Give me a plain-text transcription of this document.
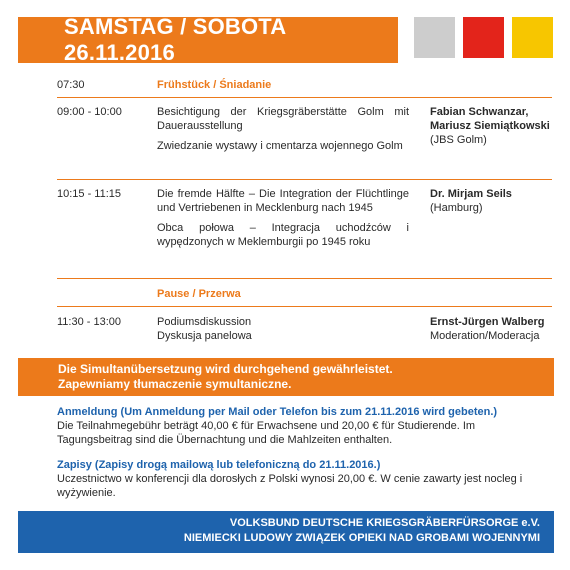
SAMSTAG / SOBOTA 26.11.2016
07:30	Frühstück / Śniadanie
09:00 - 10:00	Besichtigung der Kriegsgräberstätte Golm mit Dauerausstellung

Zwiedzanie wystawy i cmentarza wojennego Golm

Fabian Schwanzar, Mariusz Siemiątkowski
(JBS Golm)
10:15 - 11:15	Die fremde Hälfte – Die Integration der Flüchtlinge und Vertriebenen in Mecklenburg nach 1945

Obca połowa – Integracja uchodźców i wypędzonych w Meklemburgii po 1945 roku

Dr. Mirjam Seils
(Hamburg)
Pause / Przerwa
11:30 - 13:00	Podiumsdiskussion
Dyskusja panelowa
Ernst-Jürgen Walberg
Moderation/Moderacja
Die Simultanübersetzung wird durchgehend gewährleistet.
Zapewniamy tłumaczenie symultaniczne.

Anmeldung (Um Anmeldung per Mail oder Telefon bis zum 21.11.2016 wird gebeten.)

Die Teilnahmegebühr beträgt 40,00 € für Erwachsene und 20,00 € für Studierende. Im Tagungsbeitrag sind die Übernachtung und die Mahlzeiten enthalten.

Zapisy (Zapisy drogą mailową lub telefoniczną do 21.11.2016.)

Uczestnictwo w konferencji dla dorosłych z Polski wynosi 20,00 €. W cenie zawarty jest nocleg i wyżywienie.

VOLKSBUND DEUTSCHE KRIEGSGRÄBERFÜRSORGE e.V.
NIEMIECKI LUDOWY ZWIĄZEK OPIEKI NAD GROBAMI WOJENNYMI
